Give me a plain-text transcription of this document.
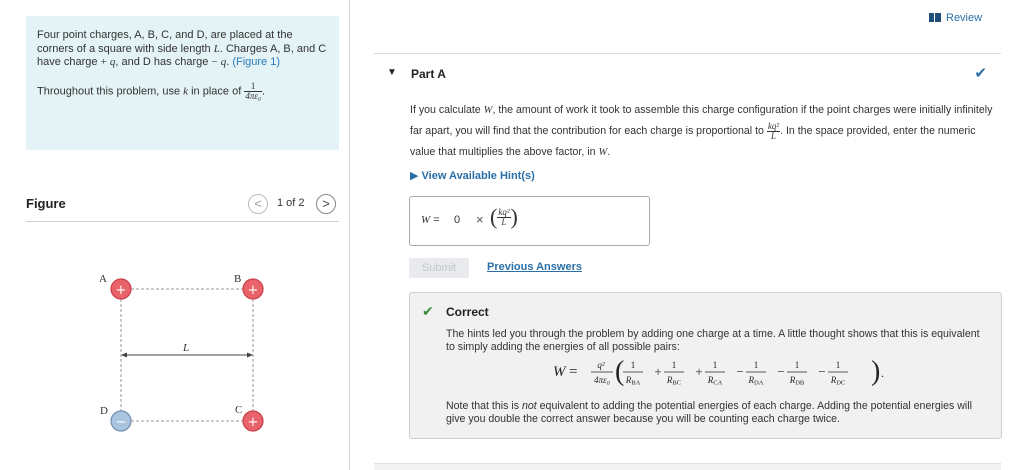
Four point charges, A, B, C, and D, are placed at the corners of a square with side length L. Charges A, B, and C have charge + q, and D has charge − q. (Figure 1)

Throughout this problem, use k in place of $\frac{1}{\text{4πε₀}}$ .

Figure	<	1 of 2	>
L
A
+
B
+
D
−
C
+
Review
▼ Part A	✔
If you calculate W, the amount of work it took to assemble this charge configuration if the point charges were initially infinitely far apart, you will find that the contribution for each charge is proportional to $\frac{\text{kq²}}{L}$ . In the space provided, enter the numeric value that multiplies the above factor, in W.
▶ View Available Hint(s)
W = 0 × ( $\frac{\text{kq²}}{L}$ )
Submit	Previous Answers
✔ Correct
The hints led you through the problem by adding one charge at a time. A little thought shows that this is equivalent to simply adding the energies of all possible pairs:
W = q²
4πε₀ ( 1
RBA
+ 1
RBC
+ 1
RCA
− 1
RDA
− 1
RDB
− 1
RDC ) .
Note that this is not equivalent to adding the potential energies of each charge. Adding the potential energies will give you double the correct answer because you will be counting each charge twice.
